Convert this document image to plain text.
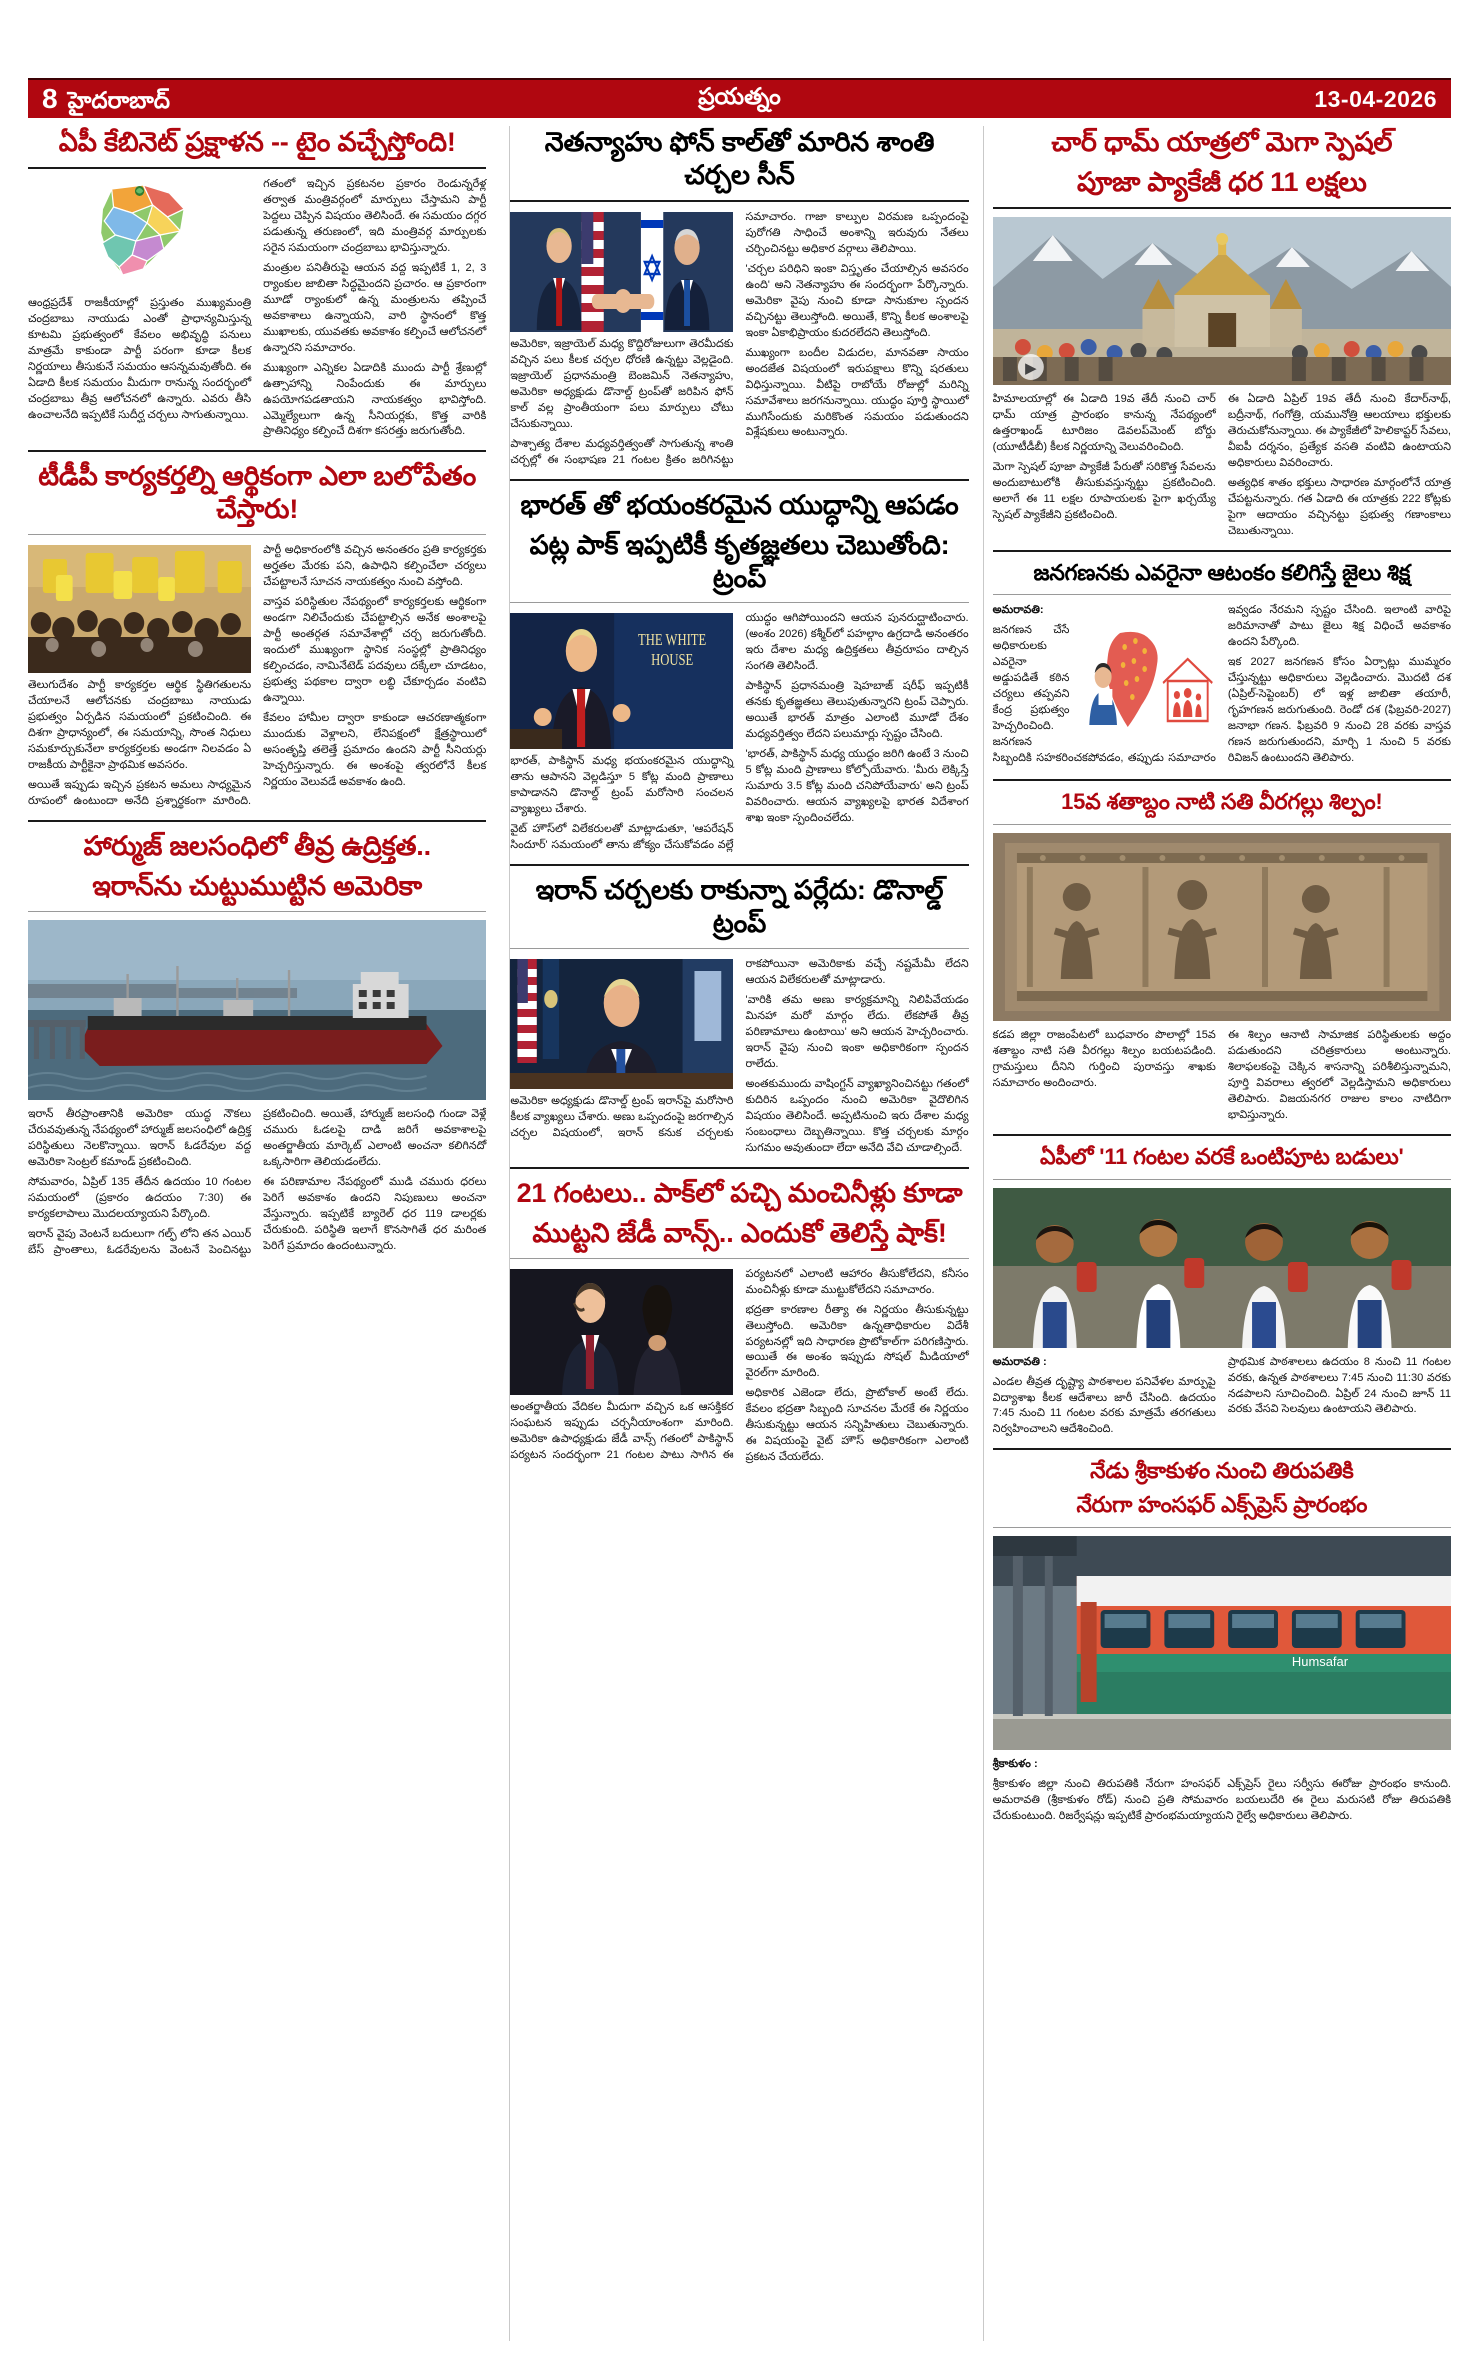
8 హైదరాబాద్	ప్రయత్నం	13-04-2026
ఏపీ కేబినెట్ ప్రక్షాళన -- టైం వచ్చేస్తోంది!

ఆంధ్రప్రదేశ్ రాజకీయాల్లో ప్రస్తుతం ముఖ్యమంత్రి చంద్రబాబు నాయుడు ఎంతో ప్రాధాన్యమిస్తున్న కూటమి ప్రభుత్వంలో కేవలం అభివృద్ధి పనులు మాత్రమే కాకుండా పార్టీ పరంగా కూడా కీలక నిర్ణయాలు తీసుకునే సమయం ఆసన్నమవుతోంది. ఈ ఏడాది కీలక సమయం మీదుగా రానున్న సందర్భంలో చంద్రబాబు తీవ్ర ఆలోచనలో ఉన్నారు. ఎవరు తీసి ఉంచాలనేది ఇప్పటికే సుదీర్ఘ చర్చలు సాగుతున్నాయి.

గతంలో ఇచ్చిన ప్రకటనల ప్రకారం రెండున్నరేళ్ల తర్వాత మంత్రివర్గంలో మార్పులు చేస్తామని పార్టీ పెద్దలు చెప్పిన విషయం తెలిసిందే. ఈ సమయం దగ్గర పడుతున్న తరుణంలో, ఇది మంత్రివర్గ మార్పులకు సరైన సమయంగా చంద్రబాబు భావిస్తున్నారు.

మంత్రుల పనితీరుపై ఆయన వద్ద ఇప్పటికే 1, 2, 3 ర్యాంకుల జాబితా సిద్ధమైందని ప్రచారం. ఆ ప్రకారంగా మూడో ర్యాంకులో ఉన్న మంత్రులను తప్పించే అవకాశాలు ఉన్నాయని, వారి స్థానంలో కొత్త ముఖాలకు, యువతకు అవకాశం కల్పించే ఆలోచనలో ఉన్నారని సమాచారం.

ముఖ్యంగా ఎన్నికల ఏడాదికి ముందు పార్టీ శ్రేణుల్లో ఉత్సాహాన్ని నింపేందుకు ఈ మార్పులు ఉపయోగపడతాయని నాయకత్వం భావిస్తోంది. ఎమ్మెల్యేలుగా ఉన్న సీనియర్లకు, కొత్త వారికి ప్రాతినిధ్యం కల్పించే దిశగా కసరత్తు జరుగుతోంది.

టీడీపీ కార్యకర్తల్ని ఆర్థికంగా ఎలా బలోపేతం చేస్తారు!

తెలుగుదేశం పార్టీ కార్యకర్తల ఆర్థిక స్థితిగతులను చేయాలనే ఆలోచనకు చంద్రబాబు నాయుడు ప్రభుత్వం ఏర్పడిన సమయంలో ప్రకటించింది. ఈ దిశగా ప్రాధాన్యంలో, ఈ సమయాన్ని, సొంత నిధులు సమకూర్చుకునేలా కార్యకర్తలకు అండగా నిలవడం ఏ రాజకీయ పార్టీకైనా ప్రాథమిక అవసరం.

అయితే ఇప్పుడు ఇచ్చిన ప్రకటన అమలు సాధ్యమైన రూపంలో ఉంటుందా అనేది ప్రశ్నార్థకంగా మారింది. పార్టీ అధికారంలోకి వచ్చిన అనంతరం ప్రతి కార్యకర్తకు అర్హతల మేరకు పని, ఉపాధిని కల్పించేలా చర్యలు చేపట్టాలనే సూచన నాయకత్వం నుంచి వస్తోంది.

వాస్తవ పరిస్థితుల నేపథ్యంలో కార్యకర్తలకు ఆర్థికంగా అండగా నిలిచేందుకు చేపట్టాల్సిన అనేక అంశాలపై పార్టీ అంతర్గత సమావేశాల్లో చర్చ జరుగుతోంది. ఇందులో ముఖ్యంగా స్థానిక సంస్థల్లో ప్రాతినిధ్యం కల్పించడం, నామినేటెడ్ పదవులు దక్కేలా చూడటం, ప్రభుత్వ పథకాల ద్వారా లబ్ధి చేకూర్చడం వంటివి ఉన్నాయి.

కేవలం హామీల ద్వారా కాకుండా ఆచరణాత్మకంగా ముందుకు వెళ్లాలని, లేనిపక్షంలో క్షేత్రస్థాయిలో అసంతృప్తి తలెత్తే ప్రమాదం ఉందని పార్టీ సీనియర్లు హెచ్చరిస్తున్నారు. ఈ అంశంపై త్వరలోనే కీలక నిర్ణయం వెలువడే అవకాశం ఉంది.

హార్ముజ్ జలసంధిలో తీవ్ర ఉద్రిక్తత..
ఇరాన్‌ను చుట్టుముట్టిన అమెరికా

ఇరాన్ తీరప్రాంతానికి అమెరికా యుద్ధ నౌకలు చేరువవుతున్న నేపథ్యంలో హార్ముజ్ జలసంధిలో ఉద్రిక్త పరిస్థితులు నెలకొన్నాయి. ఇరాన్ ఓడరేవుల వద్ద అమెరికా సెంట్రల్ కమాండ్ ప్రకటించింది.

సోమవారం, ఏప్రిల్ 135 తేదీన ఉదయం 10 గంటల సమయంలో (ప్రకారం ఉదయం 7:30) ఈ కార్యకలాపాలు మొదలయ్యాయని పేర్కొంది.

ఇరాన్ వైపు వెంటనే బదులుగా గల్ఫ్ లోని తన ఎయిర్ బేస్ ప్రాంతాలు, ఓడరేవులను వెంటనే పెంచినట్టు ప్రకటించింది. అయితే, హార్ముజ్ జలసంధి గుండా వెళ్లే చమురు ఓడలపై దాడి జరిగే అవకాశాలపై అంతర్జాతీయ మార్కెట్ ఎలాంటి అంచనా కలిగినదో ఒక్కసారిగా తెలియడంలేదు.

ఈ పరిణామాల నేపథ్యంలో ముడి చమురు ధరలు పెరిగే అవకాశం ఉందని నిపుణులు అంచనా వేస్తున్నారు. ఇప్పటికే బ్యారెల్ ధర 119 డాలర్లకు చేరుకుంది. పరిస్థితి ఇలాగే కొనసాగితే ధర మరింత పెరిగే ప్రమాదం ఉందంటున్నారు.

నెతన్యాహు ఫోన్ కాల్‌తో మారిన శాంతి చర్చల సీన్

అమెరికా, ఇజ్రాయెల్ మధ్య కొద్దిరోజులుగా తెరమీదకు వచ్చిన పలు కీలక చర్చల ధోరణి ఉన్నట్టు వెల్లడైంది. ఇజ్రాయెల్ ప్రధానమంత్రి బెంజమిన్ నెతన్యాహు, అమెరికా అధ్యక్షుడు డొనాల్డ్ ట్రంప్‌తో జరిపిన ఫోన్ కాల్ వల్ల ప్రాంతీయంగా పలు మార్పులు చోటు చేసుకున్నాయి.

పాశ్చాత్య దేశాల మధ్యవర్తిత్వంతో సాగుతున్న శాంతి చర్చల్లో ఈ సంభాషణ 21 గంటల క్రితం జరిగినట్టు సమాచారం. గాజా కాల్పుల విరమణ ఒప్పందంపై పురోగతి సాధించే అంశాన్ని ఇరువురు నేతలు చర్చించినట్టు అధికార వర్గాలు తెలిపాయి.

'చర్చల పరిధిని ఇంకా విస్తృతం చేయాల్సిన అవసరం ఉంది' అని నెతన్యాహు ఈ సందర్భంగా పేర్కొన్నారు. అమెరికా వైపు నుంచి కూడా సానుకూల స్పందన వచ్చినట్టు తెలుస్తోంది. అయితే, కొన్ని కీలక అంశాలపై ఇంకా ఏకాభిప్రాయం కుదరలేదని తెలుస్తోంది.

ముఖ్యంగా బందీల విడుదల, మానవతా సాయం అందజేత విషయంలో ఇరుపక్షాలు కొన్ని షరతులు విధిస్తున్నాయి. వీటిపై రాబోయే రోజుల్లో మరిన్ని సమావేశాలు జరగనున్నాయి. యుద్ధం పూర్తి స్థాయిలో ముగిసేందుకు మరికొంత సమయం పడుతుందని విశ్లేషకులు అంటున్నారు.

భారత్ తో భయంకరమైన యుద్ధాన్ని ఆపడం
పట్ల పాక్ ఇప్పటికీ కృతజ్ఞతలు చెబుతోంది: ట్రంప్
THE WHITE
HOUSE

భారత్, పాకిస్థాన్ మధ్య భయంకరమైన యుద్ధాన్ని తాను ఆపానని వెల్లడిస్తూ 5 కోట్ల మంది ప్రాణాలు కాపాడానని డొనాల్డ్ ట్రంప్ మరోసారి సంచలన వ్యాఖ్యలు చేశారు.

వైట్ హౌస్‌లో విలేకరులతో మాట్లాడుతూ, 'ఆపరేషన్ సిందూర్' సమయంలో తాను జోక్యం చేసుకోవడం వల్లే యుద్ధం ఆగిపోయిందని ఆయన పునరుద్ఘాటించారు. (అంశం 2026) కశ్మీర్‌లో పహల్గాం ఉగ్రదాడి అనంతరం ఇరు దేశాల మధ్య ఉద్రిక్తతలు తీవ్రరూపం దాల్చిన సంగతి తెలిసిందే.

పాకిస్థాన్ ప్రధానమంత్రి షెహబాజ్ షరీఫ్ ఇప్పటికీ తనకు కృతజ్ఞతలు తెలుపుతున్నారని ట్రంప్ చెప్పారు. అయితే భారత్ మాత్రం ఎలాంటి మూడో దేశం మధ్యవర్తిత్వం లేదని పలుమార్లు స్పష్టం చేసింది.

'భారత్, పాకిస్థాన్ మధ్య యుద్ధం జరిగి ఉంటే 3 నుంచి 5 కోట్ల మంది ప్రాణాలు కోల్పోయేవారు. 'మీరు లెక్కిస్తే సుమారు 3.5 కోట్ల మంది చనిపోయేవారు' అని ట్రంప్ వివరించారు. ఆయన వ్యాఖ్యలపై భారత విదేశాంగ శాఖ ఇంకా స్పందించలేదు.

ఇరాన్ చర్చలకు రాకున్నా పర్లేదు: డొనాల్డ్ ట్రంప్

అమెరికా అధ్యక్షుడు డొనాల్డ్ ట్రంప్ ఇరాన్‌పై మరోసారి కీలక వ్యాఖ్యలు చేశారు. అణు ఒప్పందంపై జరగాల్సిన చర్చల విషయంలో, ఇరాన్ కనుక చర్చలకు రాకపోయినా అమెరికాకు వచ్చే నష్టమేమీ లేదని ఆయన విలేకరులతో మాట్లాడారు.

'వారికి తమ అణు కార్యక్రమాన్ని నిలిపివేయడం మినహా మరో మార్గం లేదు. లేకపోతే తీవ్ర పరిణామాలు ఉంటాయి' అని ఆయన హెచ్చరించారు. ఇరాన్ వైపు నుంచి ఇంకా అధికారికంగా స్పందన రాలేదు.

అంతకుముందు వాషింగ్టన్ వ్యాఖ్యానించినట్టు గతంలో కుదిరిన ఒప్పందం నుంచి అమెరికా వైదొలిగిన విషయం తెలిసిందే. అప్పటినుంచి ఇరు దేశాల మధ్య సంబంధాలు దెబ్బతిన్నాయి. కొత్త చర్చలకు మార్గం సుగమం అవుతుందా లేదా అనేది వేచి చూడాల్సిందే.

21 గంటలు.. పాక్‌లో పచ్చి మంచినీళ్లు కూడా
ముట్టని జేడీ వాన్స్.. ఎందుకో తెలిస్తే షాక్!

అంతర్జాతీయ వేదికల మీదుగా వచ్చిన ఒక ఆసక్తికర సంఘటన ఇప్పుడు చర్చనీయాంశంగా మారింది. అమెరికా ఉపాధ్యక్షుడు జేడీ వాన్స్ గతంలో పాకిస్థాన్ పర్యటన సందర్భంగా 21 గంటల పాటు సాగిన ఈ పర్యటనలో ఎలాంటి ఆహారం తీసుకోలేదని, కనీసం మంచినీళ్లు కూడా ముట్టుకోలేదని సమాచారం.

భద్రతా కారణాల రీత్యా ఈ నిర్ణయం తీసుకున్నట్టు తెలుస్తోంది. అమెరికా ఉన్నతాధికారుల విదేశీ పర్యటనల్లో ఇది సాధారణ ప్రొటోకాల్‌గా పరిగణిస్తారు. అయితే ఈ అంశం ఇప్పుడు సోషల్ మీడియాలో వైరల్‌గా మారింది.

అధికారిక ఎజెండా లేదు, ప్రొటోకాల్ అంటే లేదు. కేవలం భద్రతా సిబ్బంది సూచనల మేరకే ఈ నిర్ణయం తీసుకున్నట్టు ఆయన సన్నిహితులు చెబుతున్నారు. ఈ విషయంపై వైట్ హౌస్ అధికారికంగా ఎలాంటి ప్రకటన చేయలేదు.

చార్ ధామ్ యాత్రలో మెగా స్పెషల్
పూజా ప్యాకేజీ ధర 11 లక్షలు
▶

హిమాలయాల్లో ఈ ఏడాది 19వ తేదీ నుంచి చార్ ధామ్ యాత్ర ప్రారంభం కానున్న నేపథ్యంలో ఉత్తరాఖండ్ టూరిజం డెవలప్‌మెంట్ బోర్డు (యూటీడీబీ) కీలక నిర్ణయాన్ని వెలువరించింది.

మెగా స్పెషల్ పూజా ప్యాకేజీ పేరుతో సరికొత్త సేవలను అందుబాటులోకి తీసుకువస్తున్నట్టు ప్రకటించింది. అలాగే ఈ 11 లక్షల రూపాయలకు పైగా ఖర్చయ్యే స్పెషల్ ప్యాకేజీని ప్రకటించింది.

ఈ ఏడాది ఏప్రిల్ 19వ తేదీ నుంచి కేదార్‌నాథ్, బద్రీనాథ్, గంగోత్రి, యమునోత్రి ఆలయాలు భక్తులకు తెరుచుకోనున్నాయి. ఈ ప్యాకేజీలో హెలికాప్టర్ సేవలు, వీఐపీ దర్శనం, ప్రత్యేక వసతి వంటివి ఉంటాయని అధికారులు వివరించారు.

అత్యధిక శాతం భక్తులు సాధారణ మార్గంలోనే యాత్ర చేపట్టనున్నారు. గత ఏడాది ఈ యాత్రకు 222 కోట్లకు పైగా ఆదాయం వచ్చినట్టు ప్రభుత్వ గణాంకాలు చెబుతున్నాయి.

జనగణనకు ఎవరైనా ఆటంకం కలిగిస్తే జైలు శిక్ష

అమరావతి:

జనగణన చేసే అధికారులకు ఎవరైనా అడ్డుపడితే కఠిన చర్యలు తప్పవని కేంద్ర ప్రభుత్వం హెచ్చరించింది. జనగణన సిబ్బందికి సహకరించకపోవడం, తప్పుడు సమాచారం ఇవ్వడం నేరమని స్పష్టం చేసింది. ఇలాంటి వారిపై జరిమానాతో పాటు జైలు శిక్ష విధించే అవకాశం ఉందని పేర్కొంది.

ఇక 2027 జనగణన కోసం ఏర్పాట్లు ముమ్మరం చేస్తున్నట్టు అధికారులు వెల్లడించారు. మొదటి దశ (ఏప్రిల్-సెప్టెంబర్) లో ఇళ్ల జాబితా తయారీ, గృహగణన జరుగుతుంది. రెండో దశ (ఫిబ్రవరి-2027) జనాభా గణన. ఫిబ్రవరి 9 నుంచి 28 వరకు వాస్తవ గణన జరుగుతుందని, మార్చి 1 నుంచి 5 వరకు రివిజన్ ఉంటుందని తెలిపారు.

15వ శతాబ్దం నాటి సతి వీరగల్లు శిల్పం!

కడప జిల్లా రాజంపేటలో బుధవారం పొలాల్లో 15వ శతాబ్దం నాటి సతి వీరగల్లు శిల్పం బయటపడింది. గ్రామస్తులు దీనిని గుర్తించి పురావస్తు శాఖకు సమాచారం అందించారు.

ఈ శిల్పం ఆనాటి సామాజిక పరిస్థితులకు అద్దం పడుతుందని చరిత్రకారులు అంటున్నారు. శిలాఫలకంపై చెక్కిన శాసనాన్ని పరిశీలిస్తున్నామని, పూర్తి వివరాలు త్వరలో వెల్లడిస్తామని అధికారులు తెలిపారు. విజయనగర రాజుల కాలం నాటిదిగా భావిస్తున్నారు.

ఏపీలో '11 గంటల వరకే ఒంటిపూట బడులు'

అమరావతి :

ఎండల తీవ్రత దృష్ట్యా పాఠశాలల పనివేళల మార్పుపై విద్యాశాఖ కీలక ఆదేశాలు జారీ చేసింది. ఉదయం 7:45 నుంచి 11 గంటల వరకు మాత్రమే తరగతులు నిర్వహించాలని ఆదేశించింది.

ప్రాథమిక పాఠశాలలు ఉదయం 8 నుంచి 11 గంటల వరకు, ఉన్నత పాఠశాలలు 7:45 నుంచి 11:30 వరకు నడపాలని సూచించింది. ఏప్రిల్ 24 నుంచి జూన్ 11 వరకు వేసవి సెలవులు ఉంటాయని తెలిపారు.

నేడు శ్రీకాకుళం నుంచి తిరుపతికి
నేరుగా హంసఫర్ ఎక్స్‌ప్రెస్ ప్రారంభం
Humsafar

శ్రీకాకుళం :

శ్రీకాకుళం జిల్లా నుంచి తిరుపతికి నేరుగా హంసఫర్ ఎక్స్‌ప్రెస్ రైలు సర్వీసు ఈరోజు ప్రారంభం కానుంది. అమరావతి (శ్రీకాకుళం రోడ్) నుంచి ప్రతి సోమవారం బయలుదేరి ఈ రైలు మరుసటి రోజు తిరుపతికి చేరుకుంటుంది. రిజర్వేషన్లు ఇప్పటికే ప్రారంభమయ్యాయని రైల్వే అధికారులు తెలిపారు.
